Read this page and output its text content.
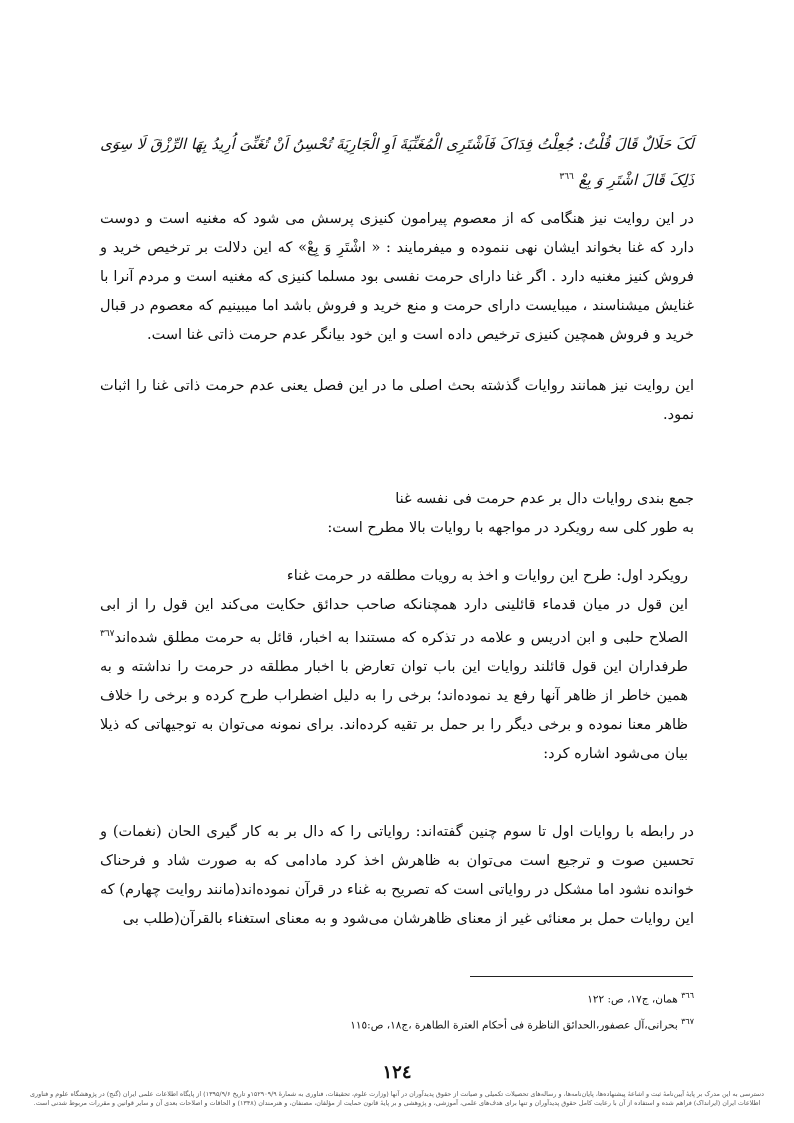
لَکَ حَلَالٌ قَالَ قُلْتُ: جُعِلْتُ فِدَاکَ فَاَشْتَرِی الْمُغَنِّیَةَ اَوِ الْجَارِیَةَ تُحْسِنُ اَنْ تُغَنِّیَ اُرِیدُ بِهَا الرِّزْقَ لَا سِوَی
ذَلِکَ قَالَ اشْتَرِ وَ بِعْ $^{٣٦٦}$

در این روایت نیز هنگامی که از معصوم پیرامون کنیزی پرسش می شود که مغنیه است و دوست دارد که غنا بخواند ایشان نهی ننموده و میفرمایند : « اشْتَرِ وَ بِعْ» که این دلالت بر ترخیص خرید و فروش کنیز مغنیه دارد . اگر غنا دارای حرمت نفسی بود مسلما کنیزی که مغنیه است و مردم آنرا با غنایش میشناسند ، میبایست دارای حرمت و منع خرید و فروش باشد اما میبینیم که معصوم در قبال خرید و فروش همچین کنیزی ترخیص داده است و این خود بیانگر عدم حرمت ذاتی غنا است.

این روایت نیز همانند روایات گذشته بحث اصلی ما در این فصل یعنی عدم حرمت ذاتی غنا را اثبات نمود.

جمع بندی روایات دال بر عدم حرمت فی نفسه غنا
به طور کلی سه رویکرد در مواجهه با روایات بالا مطرح است:
رویکرد اول: طرح این روایات و اخذ به رویات مطلقه در حرمت غناء
این قول در میان قدماء قائلینی دارد همچنانکه صاحب حدائق حکایت می‌کند این قول را از ابی الصلاح حلبی و ابن ادریس و علامه در تذکره که مستندا به اخبار، قائل به حرمت مطلق شده‌اند$^{٣٦٧}$ طرفداران این قول قائلند روایات این باب توان تعارض با اخبار مطلقه در حرمت را نداشته و به همین خاطر از ظاهر آنها رفع ید نموده‌اند؛ برخی را به دلیل اضطراب طرح کرده و برخی را خلاف ظاهر معنا نموده و برخی دیگر را بر حمل بر تقیه کرده‌اند. برای نمونه می‌توان به توجیهاتی که ذیلا بیان می‌شود اشاره کرد:

در رابطه با روایات اول تا سوم چنین گفته‌اند: روایاتی را که دال بر به کار گیری الحان (نغمات) و تحسین صوت و ترجیع است می‌توان به ظاهرش اخذ کرد مادامی که به صورت شاد و فرحناک خوانده نشود اما مشکل در روایاتی است که تصریح به غناء در قرآن نموده‌اند(مانند روایت چهارم) که این روایات حمل بر معنائی غیر از معنای ظاهرشان می‌شود و به معنای استغناء بالقرآن(طلب بی

$^{٣٦٦}$ همان، ج١٧، ص: ١٢٢
$^{٣٦٧}$ بحرانی،آل عصفور،الحدائق الناظرة فی أحکام العترة الطاهرة ،ج١٨، ص:١١٥
١٢٤
دسترسی به این مدرک بر پایهٔ آیین‌نامهٔ ثبت و اشاعهٔ پیشنهاده‌ها، پایان‌نامه‌ها، و رساله‌های تحصیلات تکمیلی و صیانت از حقوق پدیدآوران در آنها (وزارت علوم، تحقیقات، فناوری به شمارهٔ ۱۵۲۹۰۹/۹و تاریخ ۱۳۹۵/۹/۶) از پایگاه اطلاعات علمی ایران (گنج) در پژوهشگاه علوم و فناوری
اطلاعات ایران (ایرانداک) فراهم شده و استفاده از آن با رعایت کامل حقوق پدیدآوران و تنها برای هدف‌های علمی، آموزشی، و پژوهشی و بر پایهٔ قانون حمایت از مؤلفان، مصنفان، و هنرمندان (۱۳۴۸) و الحاقات و اصلاحات بعدی آن و سایر قوانین و مقررات مربوط شدنی است.
